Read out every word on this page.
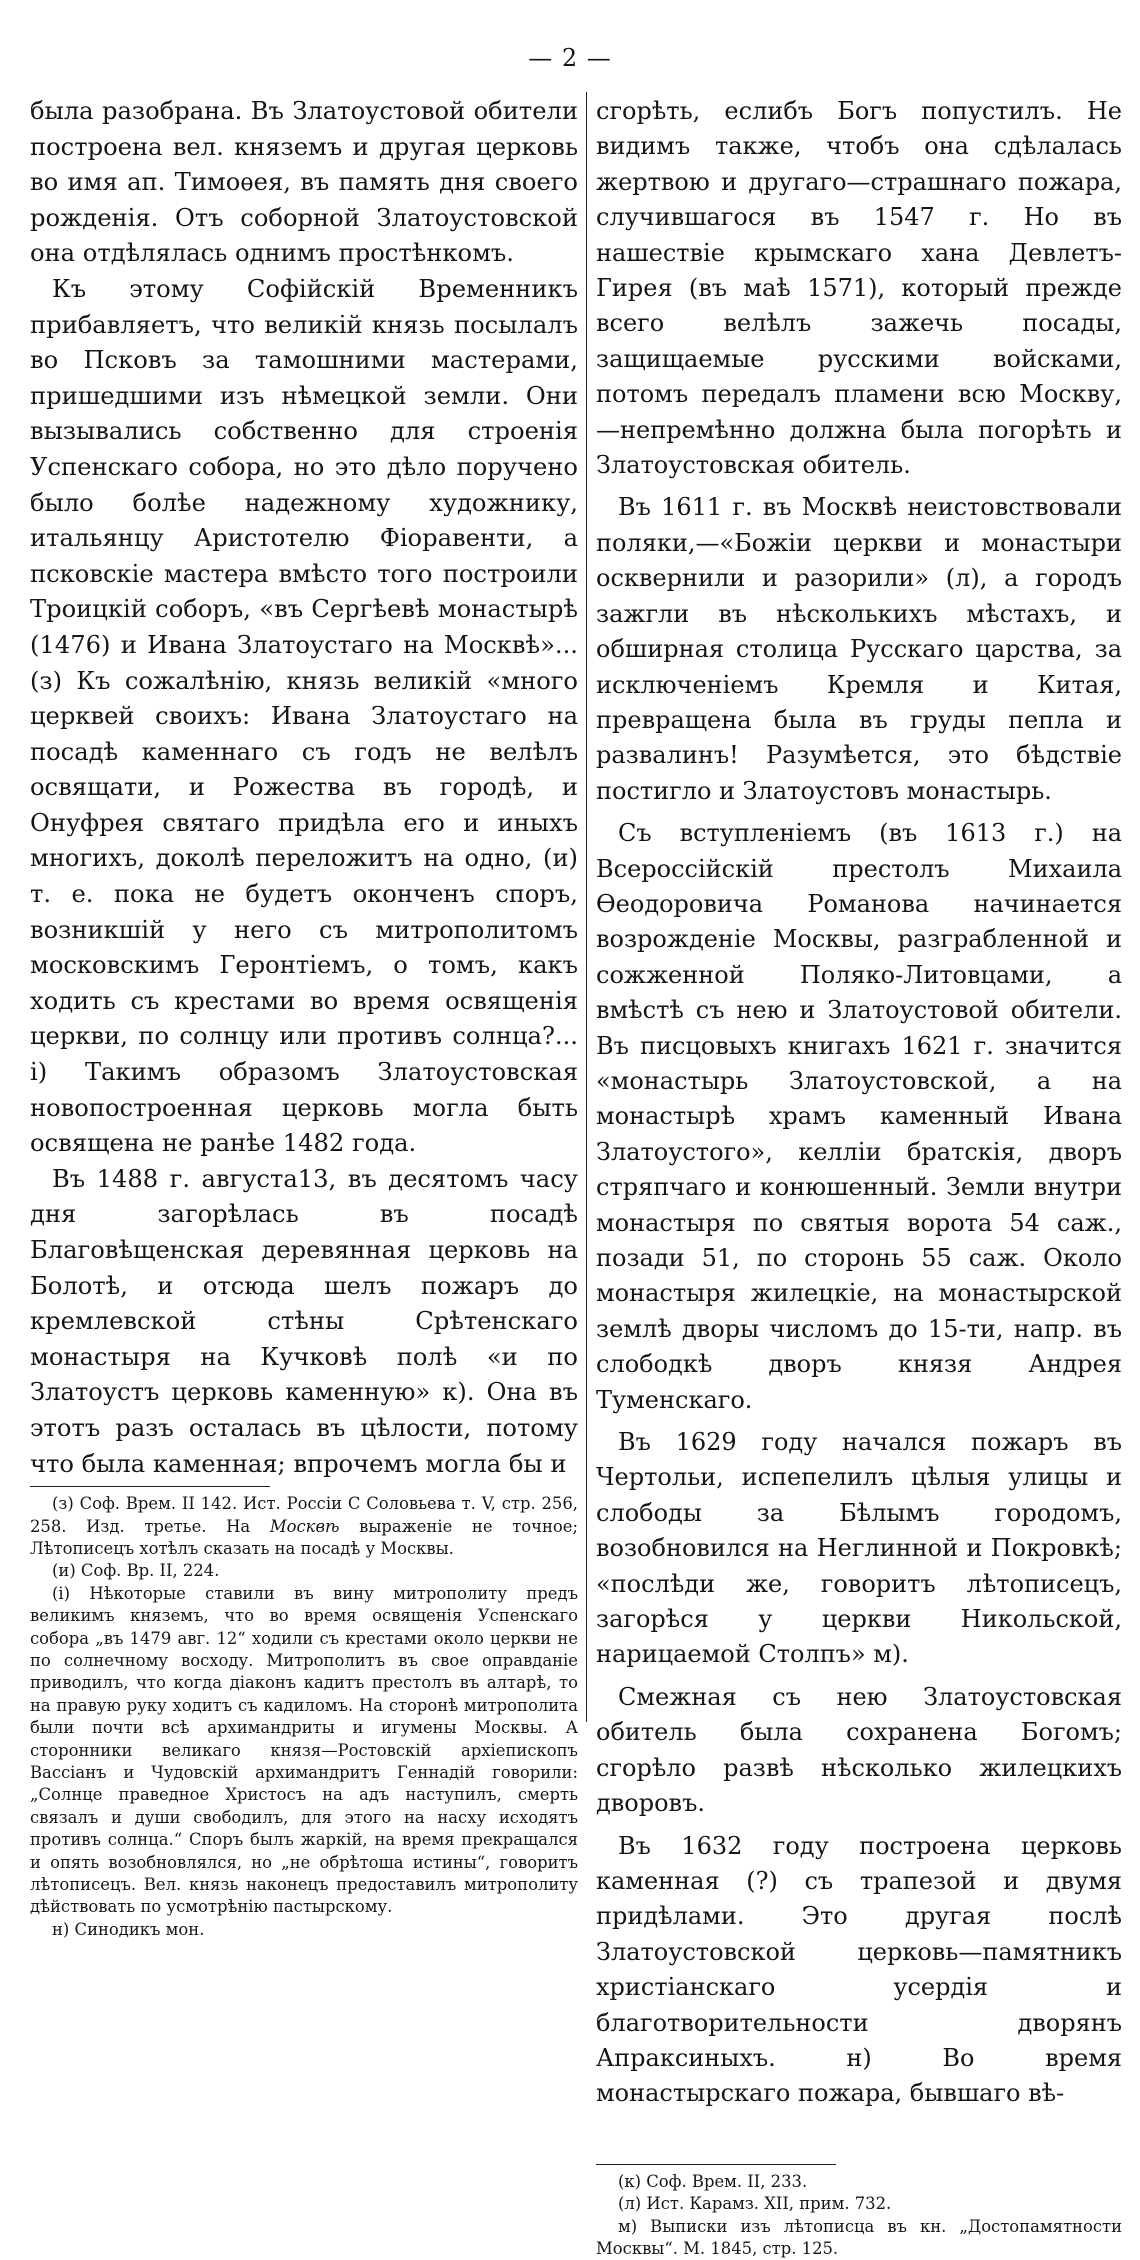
— 2 —

была разобрана. Въ Златоустовой обители построена вел. княземъ и другая церковь во имя ап. Тимоѳея, въ память дня своего рожденія. Отъ соборной Златоустовской она отдѣлялась однимъ простѣнкомъ.

Къ этому Софійскій Временникъ прибавляетъ, что великій князь посылалъ во Псковъ за тамошними мастерами, пришедшими изъ нѣмецкой земли. Они вызывались собственно для строенія Успенскаго собора, но это дѣло поручено было болѣе надежному художнику, итальянцу Аристотелю Фіоравенти, а псковскіе мастера вмѣсто того построили Троицкій соборъ, «въ Сергѣевѣ монастырѣ (1476) и Ивана Златоустаго на Москвѣ»... (з) Къ сожалѣнію, князь великій «много церквей своихъ: Ивана Златоустаго на посадѣ каменнаго съ годъ не велѣлъ освящати, и Рожества въ городѣ, и Онуфрея святаго придѣла его и иныхъ многихъ, доколѣ переложитъ на одно, (и) т. е. пока не будетъ оконченъ споръ, возникшій у него съ митрополитомъ московскимъ Геронтіемъ, о томъ, какъ ходить съ крестами во время освященія церкви, по солнцу или противъ солнца?... і) Такимъ образомъ Златоустовская новопостроенная церковь могла быть освящена не ранѣе 1482 года.

Въ 1488 г. августа13, въ десятомъ часу дня загорѣлась въ посадѣ Благовѣщенская деревянная церковь на Болотѣ, и отсюда шелъ пожаръ до кремлевской стѣны Срѣтенскаго монастыря на Кучковѣ полѣ «и по Златоустъ церковь каменную» к). Она въ этотъ разъ осталась въ цѣлости, потому что была каменная; впрочемъ могла бы и

(з) Соф. Врем. II 142. Ист. Россіи С Соловьева т. V, стр. 256, 258. Изд. третье. На Москвѣ выраженіе не точное; Лѣтописецъ хотѣлъ сказать на посадѣ у Москвы.

(и) Соф. Вр. II, 224.

(і) Нѣкоторые ставили въ вину митрополиту предъ великимъ княземъ, что во время освященія Успенскаго собора „въ 1479 авг. 12“ ходили съ крестами около церкви не по солнечному восходу. Митрополитъ въ свое оправданіе приводилъ, что когда діаконъ кадитъ престолъ въ алтарѣ, то на правую руку ходитъ съ кадиломъ. На сторонѣ митрополита были почти всѣ архимандриты и игумены Москвы. А сторонники великаго князя—Ростовскій архіепископъ Вассіанъ и Чудовскій архимандритъ Геннадій говорили: „Солнце праведное Христосъ на адъ наступилъ, смерть связалъ и души свободилъ, для этого на насху исходятъ противъ солнца.“ Споръ былъ жаркій, на время прекращался и опять возобновлялся, но „не обрѣтоша истины“, говоритъ лѣтописецъ. Вел. князь наконецъ предоставилъ митрополиту дѣйствовать по усмотрѣнію пастырскому.

н) Синодикъ мон.

сгорѣть, еслибъ Богъ попустилъ. Не видимъ также, чтобъ она сдѣлалась жертвою и другаго—страшнаго пожара, случившагося въ 1547 г. Но въ нашествіе крымскаго хана Девлетъ-Гирея (въ маѣ 1571), который прежде всего велѣлъ зажечь посады, защищаемые русскими войсками, потомъ передалъ пламени всю Москву,—непремѣнно должна была погорѣть и Златоустовская обитель.

Въ 1611 г. въ Москвѣ неистовствовали поляки,—«Божіи церкви и монастыри осквернили и разорили» (л), а городъ зажгли въ нѣсколькихъ мѣстахъ, и обширная столица Русскаго царства, за исключеніемъ Кремля и Китая, превращена была въ груды пепла и развалинъ! Разумѣется, это бѣдствіе постигло и Златоустовъ монастырь.

Съ вступленіемъ (въ 1613 г.) на Всероссійскій престолъ Михаила Ѳеодоровича Романова начинается возрожденіе Москвы, разграбленной и сожженной Поляко-Литовцами, а вмѣстѣ съ нею и Златоустовой обители. Въ писцовыхъ книгахъ 1621 г. значится «монастырь Златоустовской, а на монастырѣ храмъ каменный Ивана Златоустого», келліи братскія, дворъ стряпчаго и конюшенный. Земли внутри монастыря по святыя ворота 54 саж., позади 51, по сторонь 55 саж. Около монастыря жилецкіе, на монастырской землѣ дворы числомъ до 15-ти, напр. въ слободкѣ дворъ князя Андрея Туменскаго.

Въ 1629 году начался пожаръ въ Чертольи, испепелилъ цѣлыя улицы и слободы за Бѣлымъ городомъ, возобновился на Неглинной и Покровкѣ; «послѣди же, говоритъ лѣтописецъ, загорѣся у церкви Никольской, нарицаемой Столпъ» м).

Смежная съ нею Златоустовская обитель была сохранена Богомъ; сгорѣло развѣ нѣсколько жилецкихъ дворовъ.

Въ 1632 году построена церковь каменная (?) съ трапезой и двумя придѣлами. Это другая послѣ Златоустовской церковь—памятникъ христіанскаго усердія и благотворительности дворянъ Апраксиныхъ. н) Во время монастырскаго пожара, бывшаго вѣ-

(к) Соф. Врем. II, 233.

(л) Ист. Карамз. XII, прим. 732.

м) Выписки изъ лѣтописца въ кн. „Достопамятности Москвы“. М. 1845, стр. 125.
